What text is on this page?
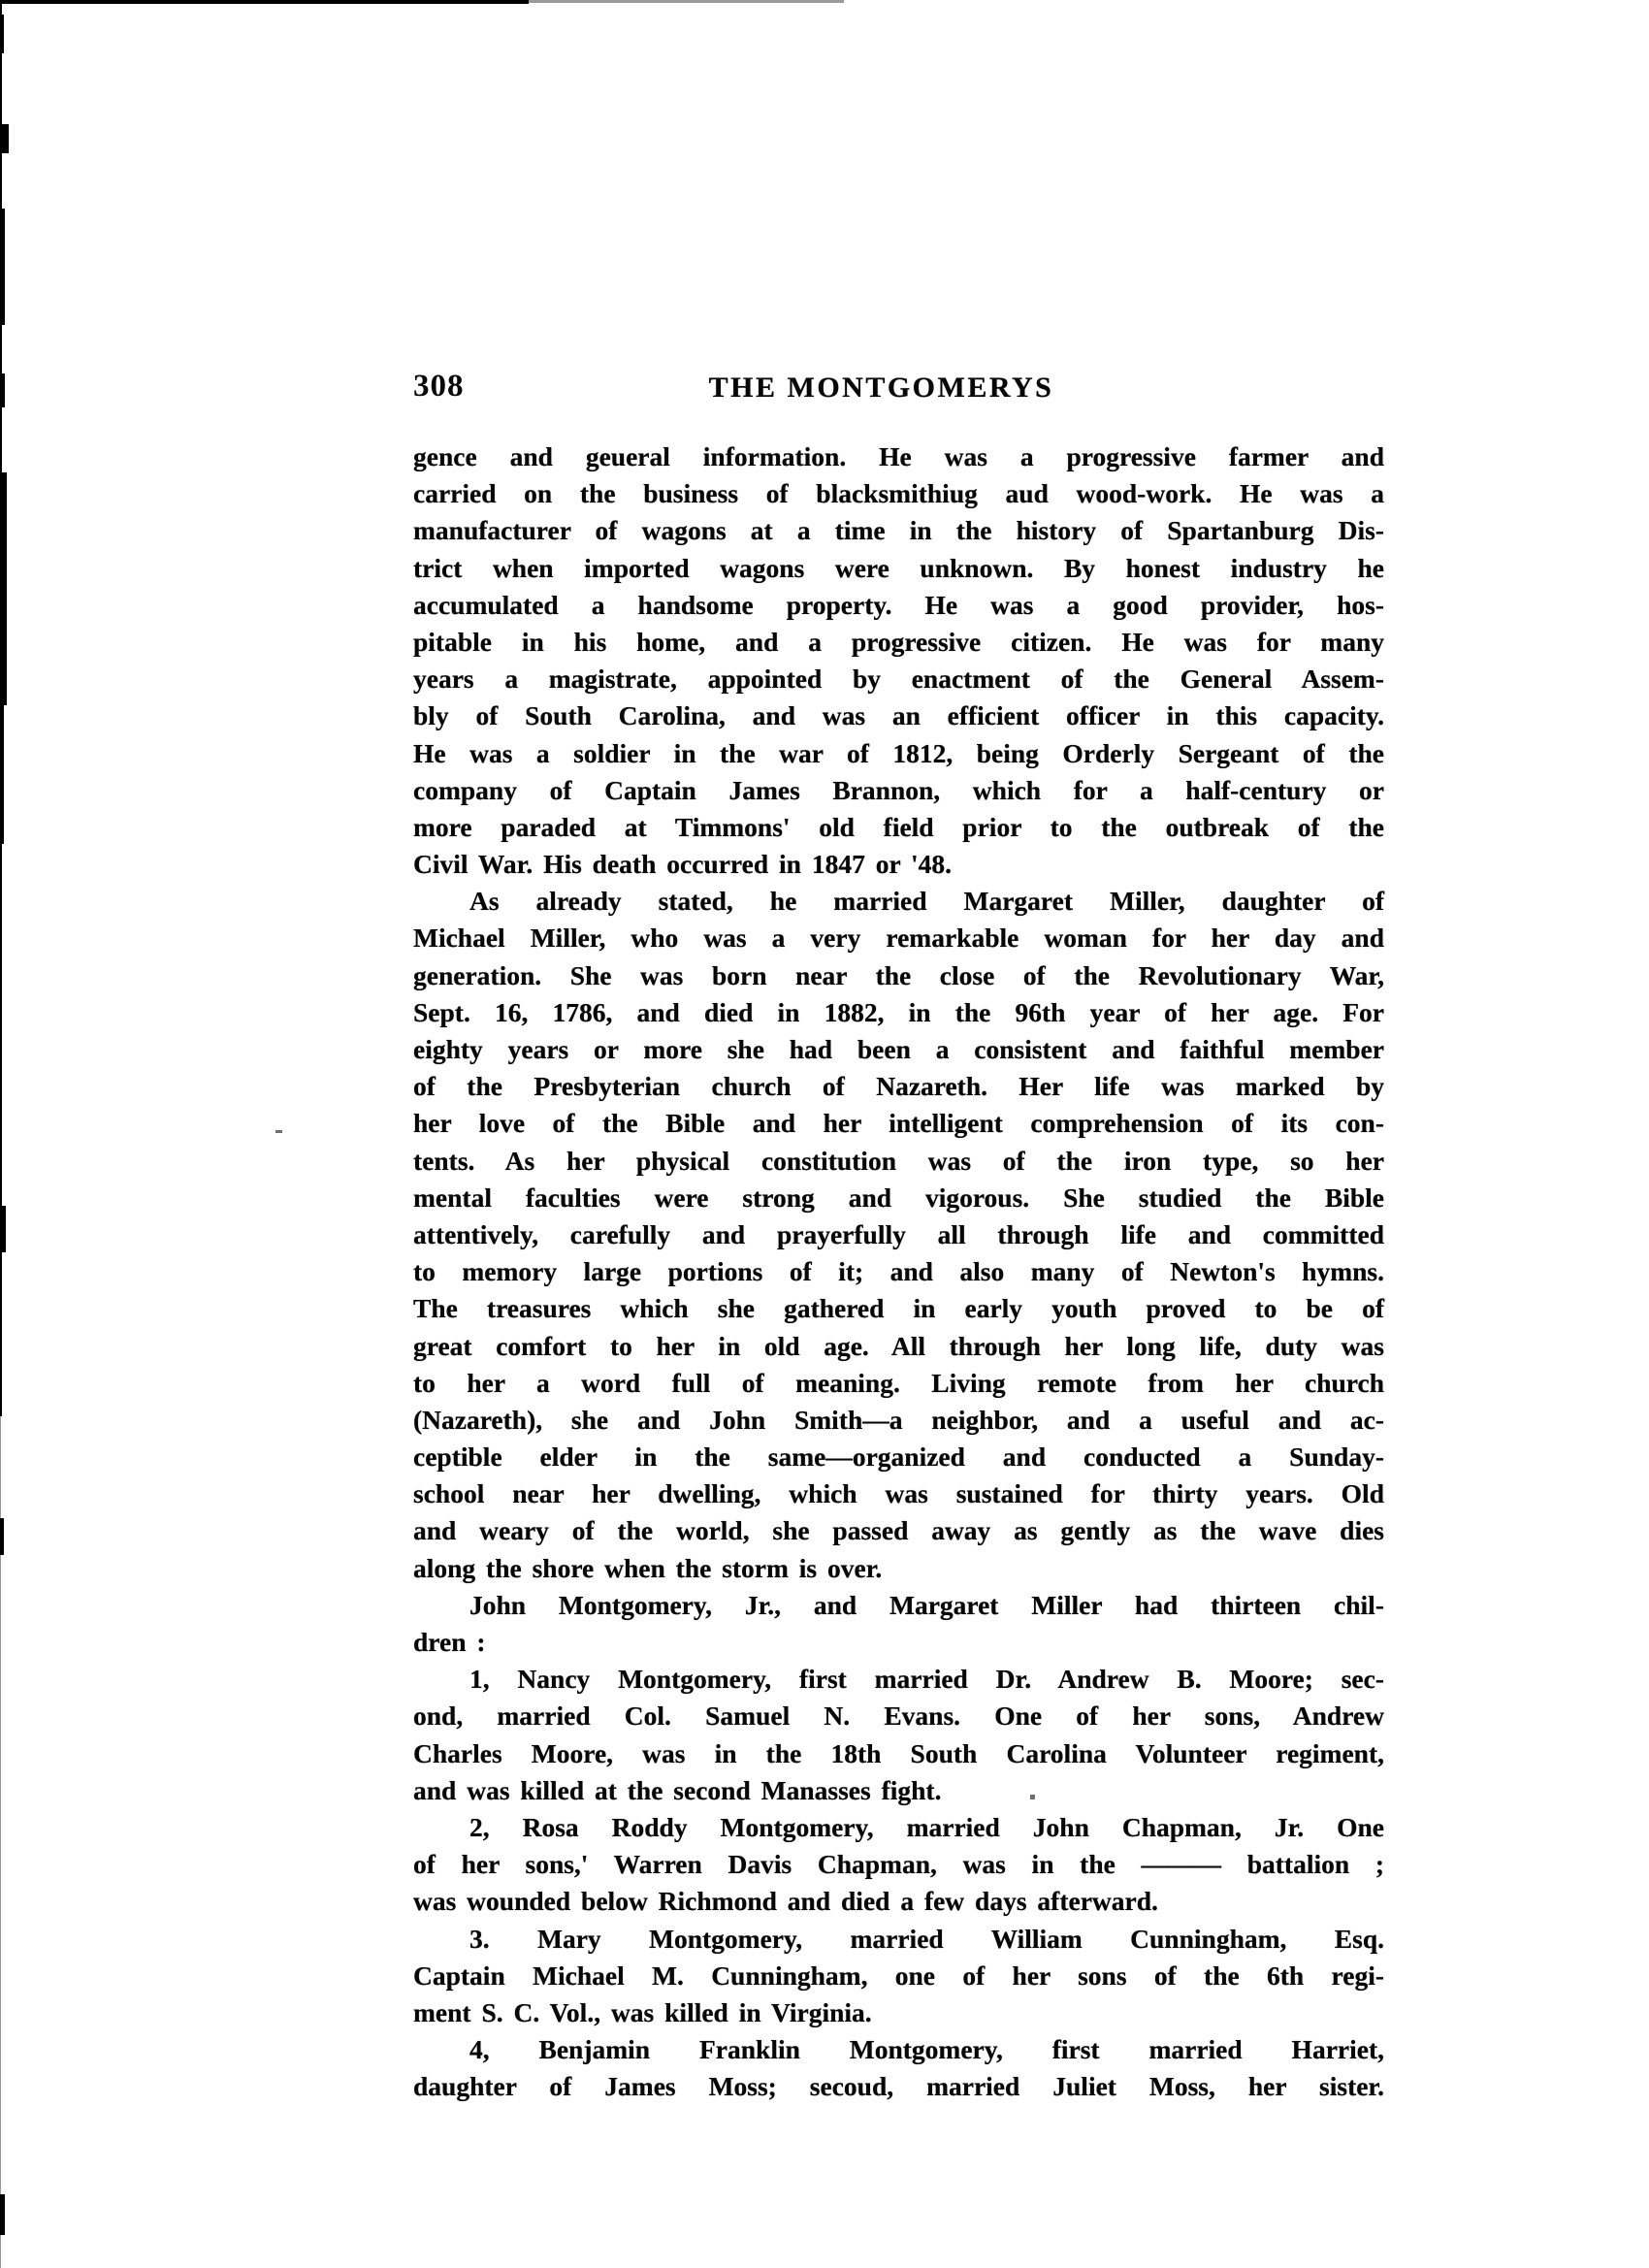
308	THE MONTGOMERYS
gence and geueral information. He was a progressive farmer and
carried on the business of blacksmithiug aud wood-work. He was a
manufacturer of wagons at a time in the history of Spartanburg Dis-
trict when imported wagons were unknown. By honest industry he
accumulated a handsome property. He was a good provider, hos-
pitable in his home, and a progressive citizen. He was for many
years a magistrate, appointed by enactment of the General Assem-
bly of South Carolina, and was an efficient officer in this capacity.
He was a soldier in the war of 1812, being Orderly Sergeant of the
company of Captain James Brannon, which for a half-century or
more paraded at Timmons' old field prior to the outbreak of the
Civil War. His death occurred in 1847 or '48.
As already stated, he married Margaret Miller, daughter of
Michael Miller, who was a very remarkable woman for her day and
generation. She was born near the close of the Revolutionary War,
Sept. 16, 1786, and died in 1882, in the 96th year of her age. For
eighty years or more she had been a consistent and faithful member
of the Presbyterian church of Nazareth. Her life was marked by
her love of the Bible and her intelligent comprehension of its con-
tents. As her physical constitution was of the iron type, so her
mental faculties were strong and vigorous. She studied the Bible
attentively, carefully and prayerfully all through life and committed
to memory large portions of it; and also many of Newton's hymns.
The treasures which she gathered in early youth proved to be of
great comfort to her in old age. All through her long life, duty was
to her a word full of meaning. Living remote from her church
(Nazareth), she and John Smith—a neighbor, and a useful and ac-
ceptible elder in the same—organized and conducted a Sunday-
school near her dwelling, which was sustained for thirty years. Old
and weary of the world, she passed away as gently as the wave dies
along the shore when the storm is over.
John Montgomery, Jr., and Margaret Miller had thirteen chil-
dren :
1, Nancy Montgomery, first married Dr. Andrew B. Moore; sec-
ond, married Col. Samuel N. Evans. One of her sons, Andrew
Charles Moore, was in the 18th South Carolina Volunteer regiment,
and was killed at the second Manasses fight.
2, Rosa Roddy Montgomery, married John Chapman, Jr. One
of her sons,' Warren Davis Chapman, was in the ——— battalion ;
was wounded below Richmond and died a few days afterward.
3. Mary Montgomery, married William Cunningham, Esq.
Captain Michael M. Cunningham, one of her sons of the 6th regi-
ment S. C. Vol., was killed in Virginia.
4, Benjamin Franklin Montgomery, first married Harriet,
daughter of James Moss; secoud, married Juliet Moss, her sister.
